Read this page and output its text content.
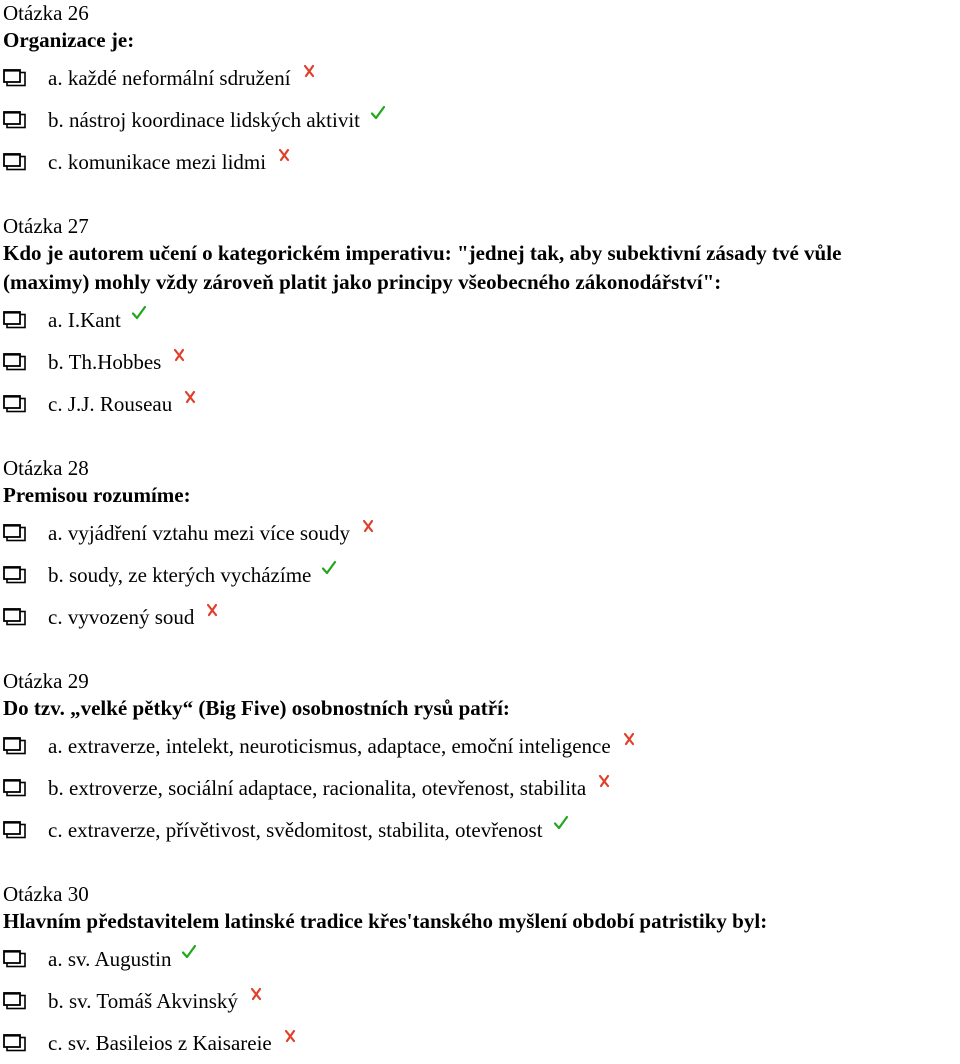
Otázka 26
Organizace je:
a. každé neformální sdružení
b. nástroj koordinace lidských aktivit
c. komunikace mezi lidmi
Otázka 27
Kdo je autorem učení o kategorickém imperativu: "jednej tak, aby subektivní zásady tvé vůle
(maximy) mohly vždy zároveň platit jako principy všeobecného zákonodářství":
a. I.Kant
b. Th.Hobbes
c. J.J. Rouseau
Otázka 28
Premisou rozumíme:
a. vyjádření vztahu mezi více soudy
b. soudy, ze kterých vycházíme
c. vyvozený soud
Otázka 29
Do tzv. „velké pětky“ (Big Five) osobnostních rysů patří:
a. extraverze, intelekt, neuroticismus, adaptace, emoční inteligence
b. extroverze, sociální adaptace, racionalita, otevřenost, stabilita
c. extraverze, přívětivost, svědomitost, stabilita, otevřenost
Otázka 30
Hlavním představitelem latinské tradice křes'tanského myšlení období patristiky byl:
a. sv. Augustin
b. sv. Tomáš Akvinský
c. sv. Basileios z Kaisareie
